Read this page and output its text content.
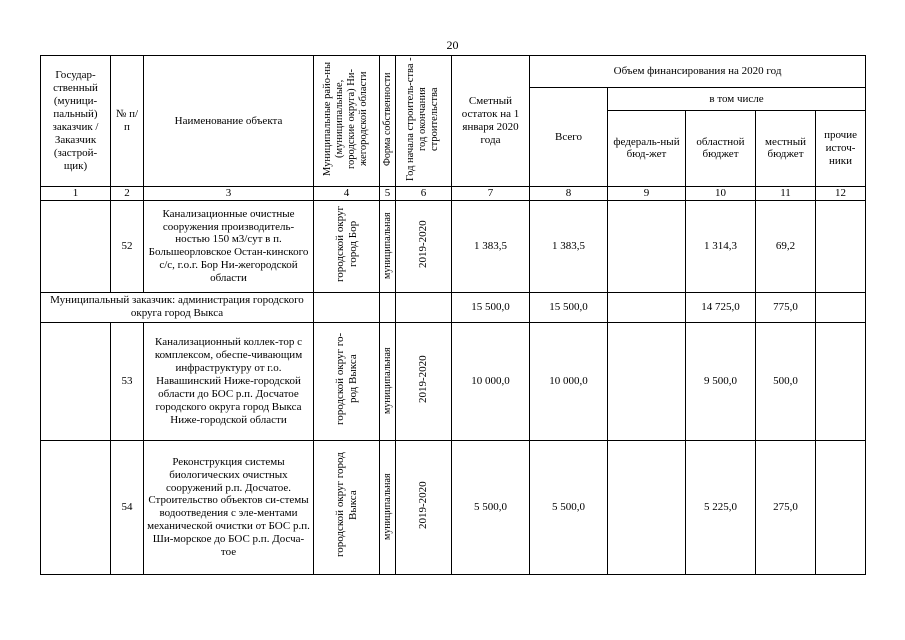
20
Государ-ственный (муници-пальный) заказчик / Заказчик (застрой-щик)	№ п/п	Наименование объекта	Муниципальные райо-ны (муниципальные, городские округа) Ни-жегородской области	Форма собственности	Год начала строитель-ства - год окончания строительства	Сметный остаток на 1 января 2020 года	Объем финансирования на 2020 год				
							Всего	в том числе			
								федераль-ный бюд-жет	областной бюджет	местный бюджет	прочие источ-ники
1	2	3	4	5	6	7	8	9	10	11	12
	52	Канализационные очистные сооружения производитель-ностью 150 м3/сут в п. Большеорловское Остан-кинского с/с, г.о.г. Бор Ни-жегородской области	городской округ город Бор	муниципальная	2019-2020	1 383,5	1 383,5		1 314,3	69,2	
Муниципальный заказчик: администрация городского округа город Выкса						15 500,0	15 500,0		14 725,0	775,0	
	53	Канализационный коллек-тор с комплексом, обеспе-чивающим инфраструктуру от г.о. Навашинский Ниже-городской области до БОС р.п. Досчатое городского округа город Выкса Ниже-городской области	городской округ го-род Выкса	муниципальная	2019-2020	10 000,0	10 000,0		9 500,0	500,0	
	54	Реконструкция системы биологических очистных сооружений р.п. Досчатое. Строительство объектов си-стемы водоотведения с эле-ментами механической очистки от БОС р.п. Ши-морское до БОС р.п. Досча-тое	городской округ город Выкса	муниципальная	2019-2020	5 500,0	5 500,0		5 225,0	275,0	
